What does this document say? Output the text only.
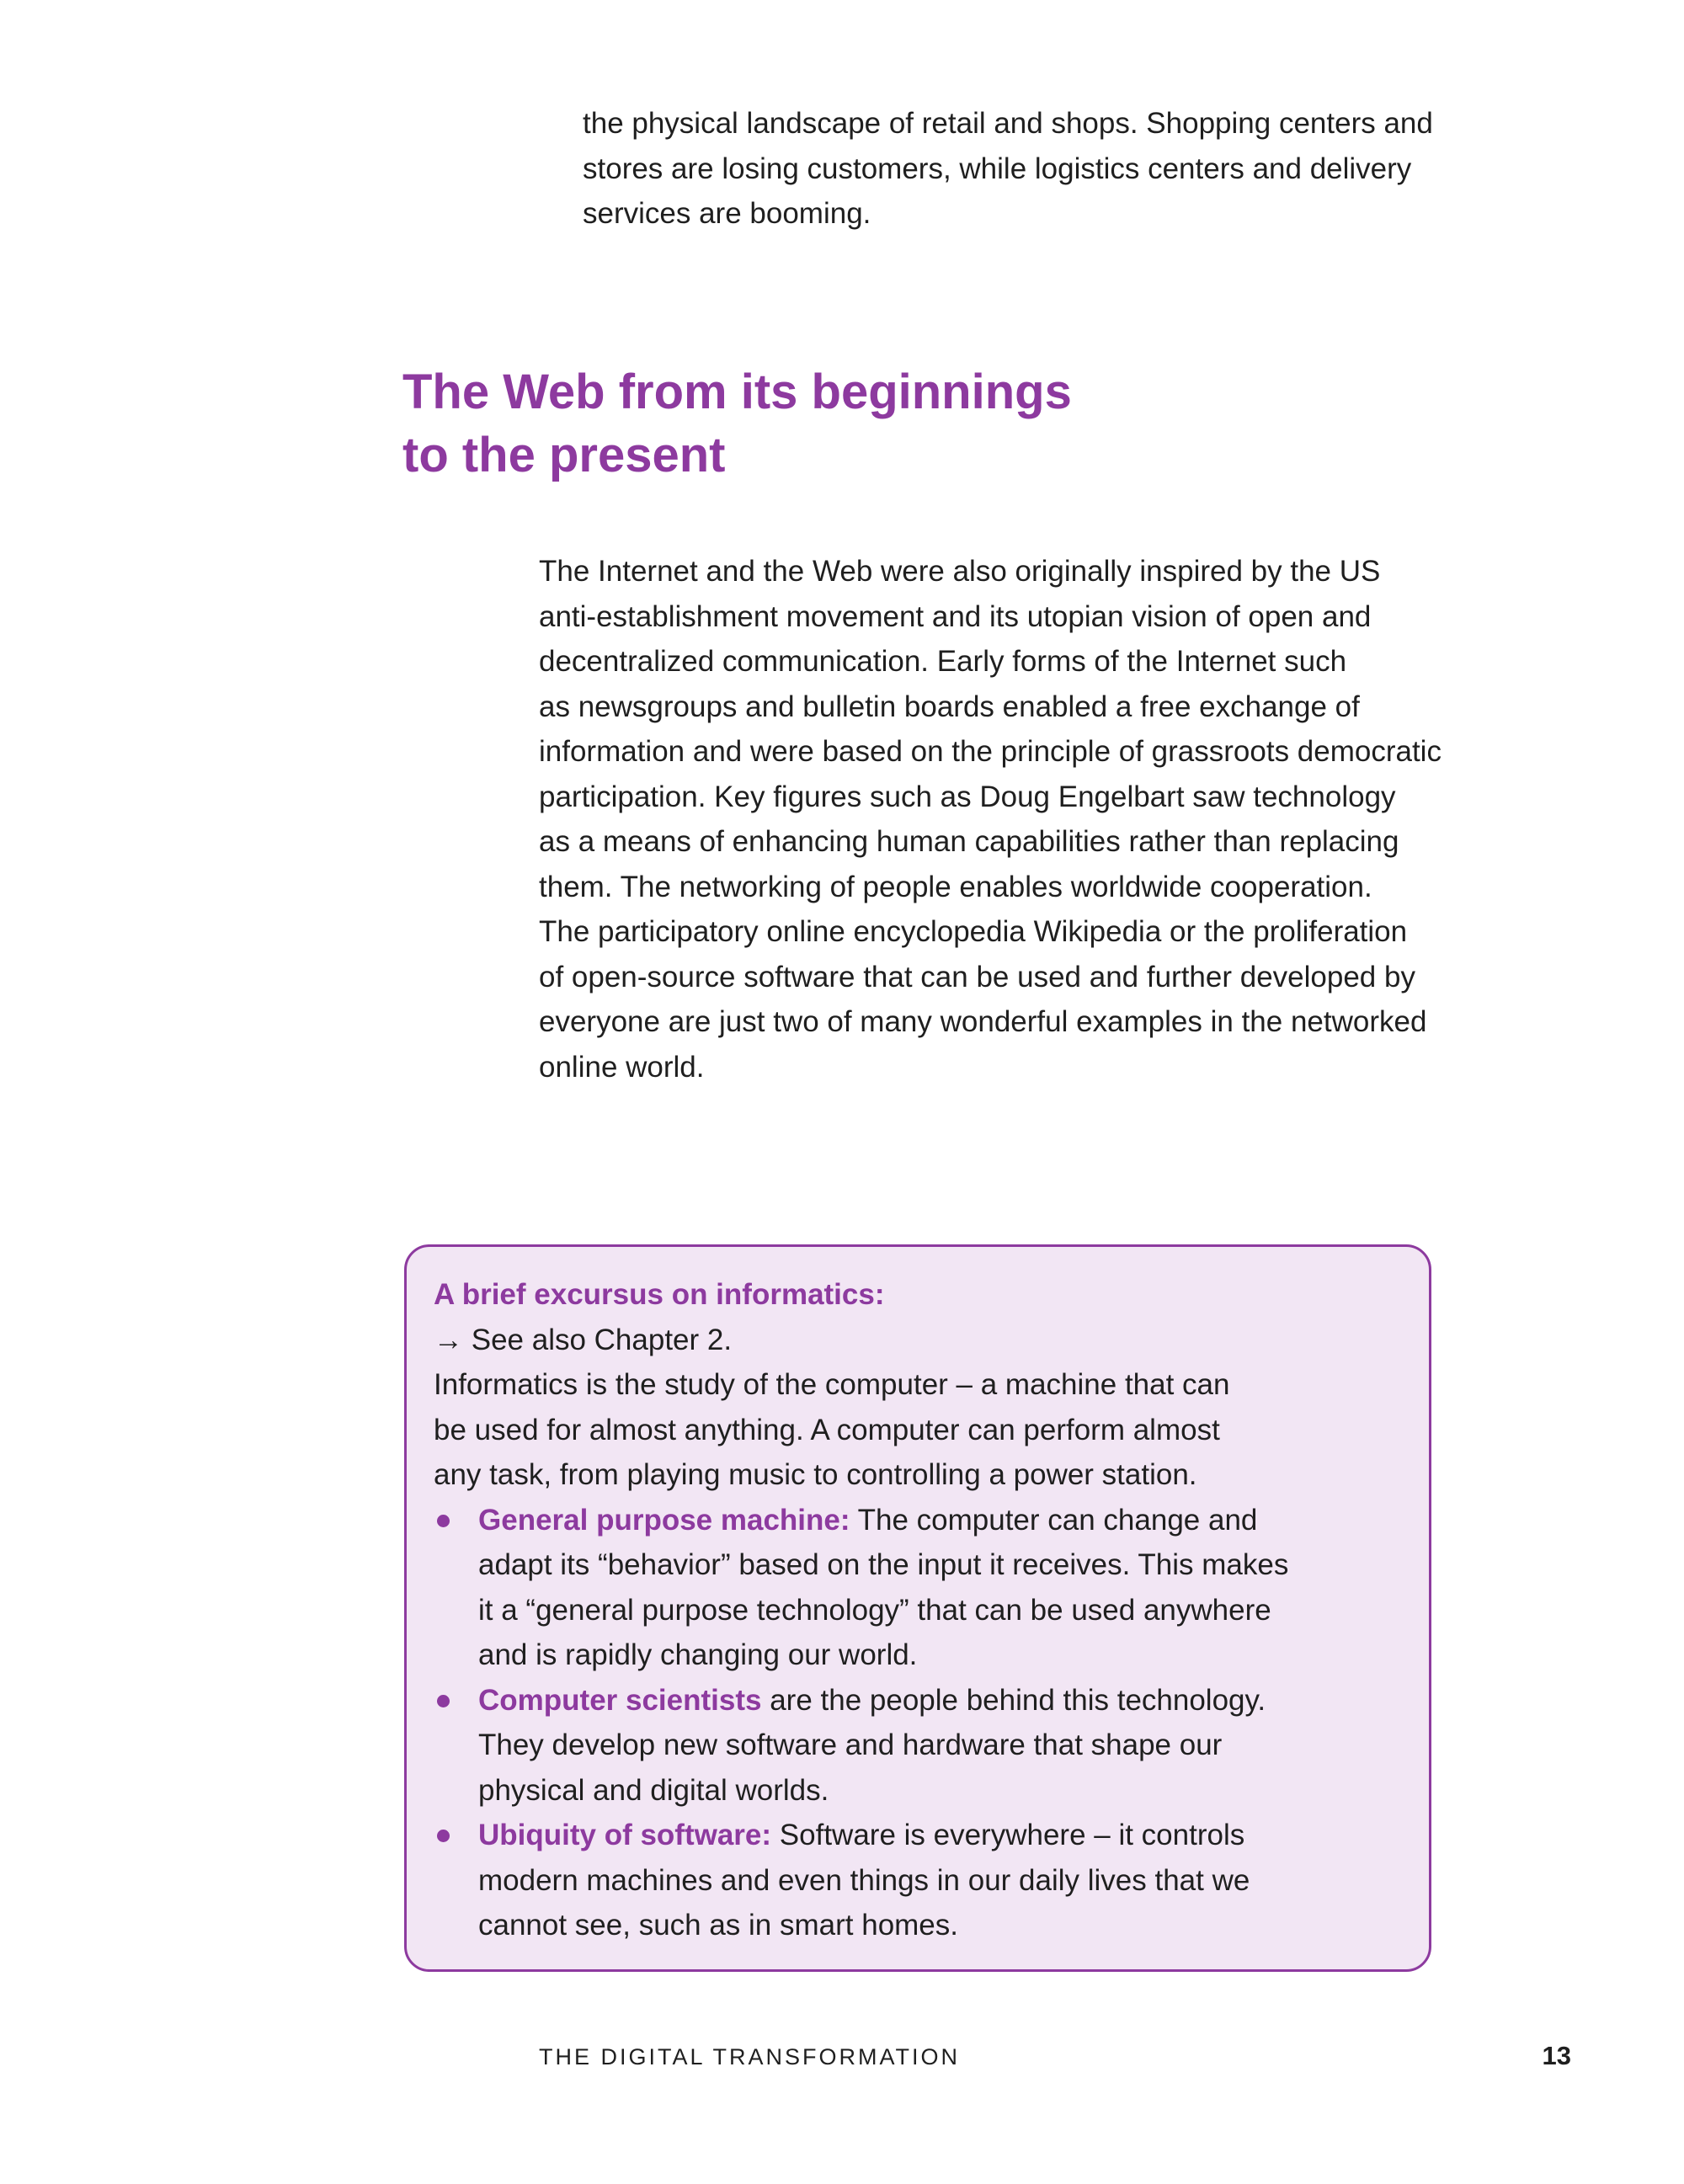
the physical landscape of retail and shops. Shopping centers and
stores are losing customers, while logistics centers and delivery
services are booming.
The Web from its beginnings
to the present
The Internet and the Web were also originally inspired by the US
anti-establishment movement and its utopian vision of open and
decentralized communication. Early forms of the Internet such
as newsgroups and bulletin boards enabled a free exchange of
information and were based on the principle of grassroots democratic
participation. Key figures such as Doug Engelbart saw technology
as a means of enhancing human capabilities rather than replacing
them. The networking of people enables worldwide cooperation.
The participatory online encyclopedia Wikipedia or the proliferation
of open-source software that can be used and further developed by
everyone are just two of many wonderful examples in the networked
online world.
A brief excursus on informatics:
→ See also Chapter 2.
Informatics is the study of the computer – a machine that can
be used for almost anything. A computer can perform almost
any task, from playing music to controlling a power station.
General purpose machine: The computer can change and
adapt its “behavior” based on the input it receives. This makes
it a “general purpose technology” that can be used anywhere
and is rapidly changing our world.
Computer scientists are the people behind this technology.
They develop new software and hardware that shape our
physical and digital worlds.
Ubiquity of software: Software is everywhere – it controls
modern machines and even things in our daily lives that we
cannot see, such as in smart homes.
THE DIGITAL TRANSFORMATION	13
